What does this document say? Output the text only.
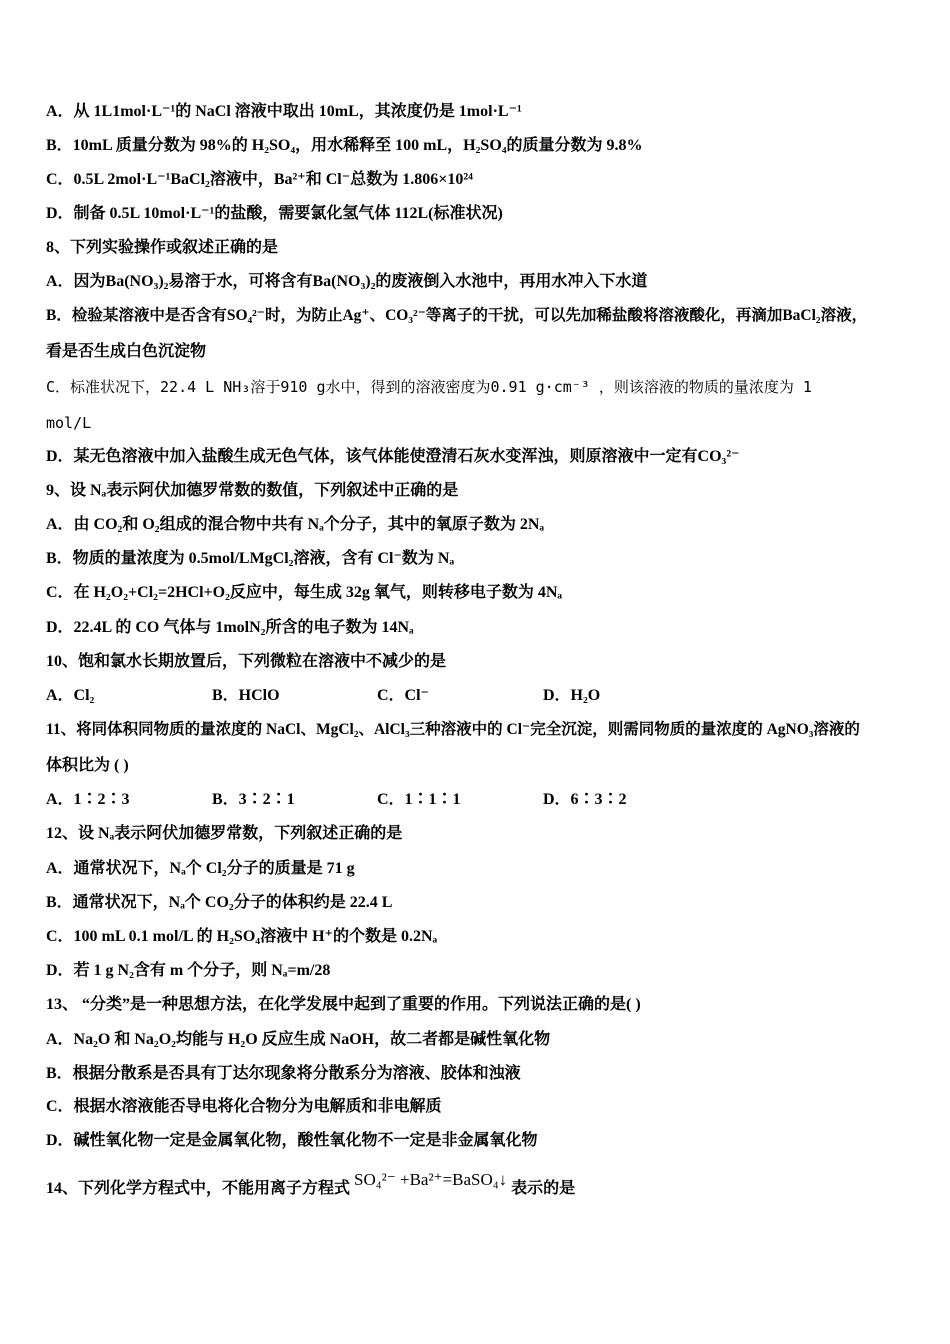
A．从 1L1mol·L⁻¹的 NaCl 溶液中取出 10mL，其浓度仍是 1mol·L⁻¹
B．10mL 质量分数为 98%的 H₂SO₄，用水稀释至 100 mL，H₂SO₄的质量分数为 9.8%
C．0.5L 2mol·L⁻¹BaCl₂溶液中，Ba²⁺和 Cl⁻总数为 1.806×10²⁴
D．制备 0.5L 10mol·L⁻¹的盐酸，需要氯化氢气体 112L(标准状况)
8、下列实验操作或叙述正确的是
A．因为Ba(NO₃)₂易溶于水，可将含有Ba(NO₃)₂的废液倒入水池中，再用水冲入下水道
B．检验某溶液中是否含有SO₄²⁻时，为防止Ag⁺、CO₃²⁻等离子的干扰，可以先加稀盐酸将溶液酸化，再滴加BaCl₂溶液，
看是否生成白色沉淀物
C．标准状况下，22.4 L NH₃溶于910 g水中，得到的溶液密度为0.91 g·cm⁻³ ，则该溶液的物质的量浓度为 1
mol/L
D．某无色溶液中加入盐酸生成无色气体，该气体能使澄清石灰水变浑浊，则原溶液中一定有CO₃²⁻
9、设 Nₐ表示阿伏加德罗常数的数值，下列叙述中正确的是
A．由 CO₂和 O₂组成的混合物中共有 Nₐ个分子，其中的氧原子数为 2Nₐ
B．物质的量浓度为 0.5mol/LMgCl₂溶液，含有 Cl⁻数为 Nₐ
C．在 H₂O₂+Cl₂=2HCl+O₂反应中，每生成 32g 氧气，则转移电子数为 4Nₐ
D．22.4L 的 CO 气体与 1molN₂所含的电子数为 14Nₐ
10、饱和氯水长期放置后，下列微粒在溶液中不减少的是
A．Cl₂	B．HClO	C．Cl⁻	D．H₂O
11、将同体积同物质的量浓度的 NaCl、MgCl₂、AlCl₃三种溶液中的 Cl⁻完全沉淀，则需同物质的量浓度的 AgNO₃溶液的
体积比为 ( )
A．1∶2∶3	B．3∶2∶1	C．1∶1∶1	D．6∶3∶2
12、设 Nₐ表示阿伏加德罗常数，下列叙述正确的是
A．通常状况下，Nₐ个 Cl₂分子的质量是 71 g
B．通常状况下，Nₐ个 CO₂分子的体积约是 22.4 L
C．100 mL 0.1 mol/L 的 H₂SO₄溶液中 H⁺的个数是 0.2Nₐ
D．若 1 g N₂含有 m 个分子，则 Nₐ=m/28
13、 “分类”是一种思想方法，在化学发展中起到了重要的作用。下列说法正确的是( )
A．Na₂O 和 Na₂O₂均能与 H₂O 反应生成 NaOH，故二者都是碱性氧化物
B．根据分散系是否具有丁达尔现象将分散系分为溶液、胶体和浊液
C．根据水溶液能否导电将化合物分为电解质和非电解质
D．碱性氧化物一定是金属氧化物，酸性氧化物不一定是非金属氧化物
14、下列化学方程式中，不能用离子方程式 SO₄²⁻ +Ba²⁺=BaSO₄↓ 表示的是
